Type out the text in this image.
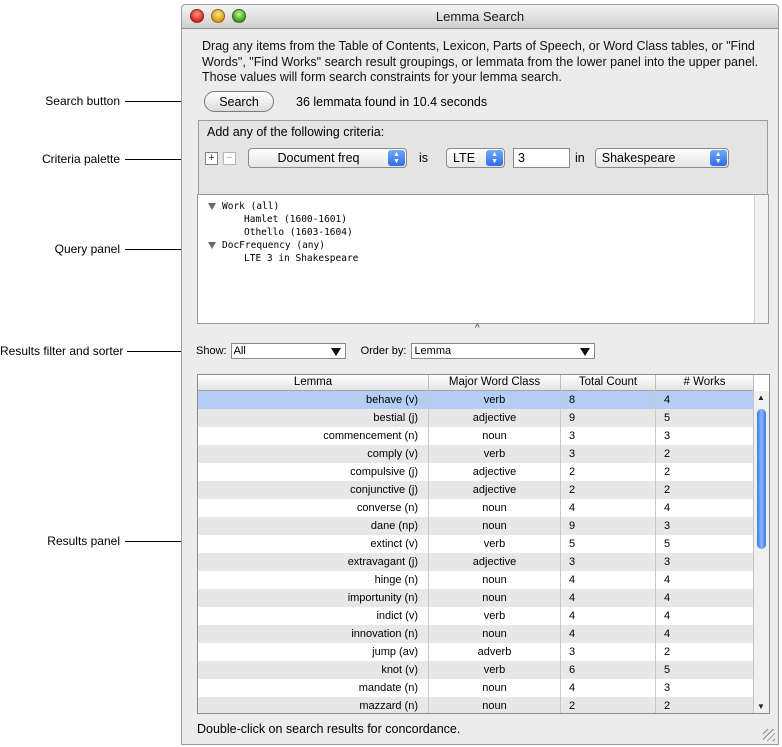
Search button
Criteria palette
Query panel
Results filter and sorter
Results panel
Lemma Search
Drag any items from the Table of Contents, Lexicon, Parts of Speech, or Word Class tables, or "Find Words", "Find Works" search result groupings, or lemmata from the lower panel into the upper panel. Those values will form search constraints for your lemma search.
Search	36 lemmata found in 10.4 seconds
Add any of the following criteria:
+ −	Document freq	▲
▼	is LTE	▲
▼	3	in Shakespeare	▲
▼
Work (all)
Hamlet (1600-1601)
Othello (1603-1604)
DocFrequency (any)
LTE 3 in Shakespeare
^
Show: All	Order by: Lemma
Lemma	Major Word Class	Total Count	# Works
behave (v)	verb	8	4
bestial (j)	adjective	9	5
commencement (n)	noun	3	3
comply (v)	verb	3	2
compulsive (j)	adjective	2	2
conjunctive (j)	adjective	2	2
converse (n)	noun	4	4
dane (np)	noun	9	3
extinct (v)	verb	5	5
extravagant (j)	adjective	3	3
hinge (n)	noun	4	4
importunity (n)	noun	4	4
indict (v)	verb	4	4
innovation (n)	noun	4	4
jump (av)	adverb	3	2
knot (v)	verb	6	5
mandate (n)	noun	4	3
mazzard (n)	noun	2	2
▲
▼
Double-click on search results for concordance.
